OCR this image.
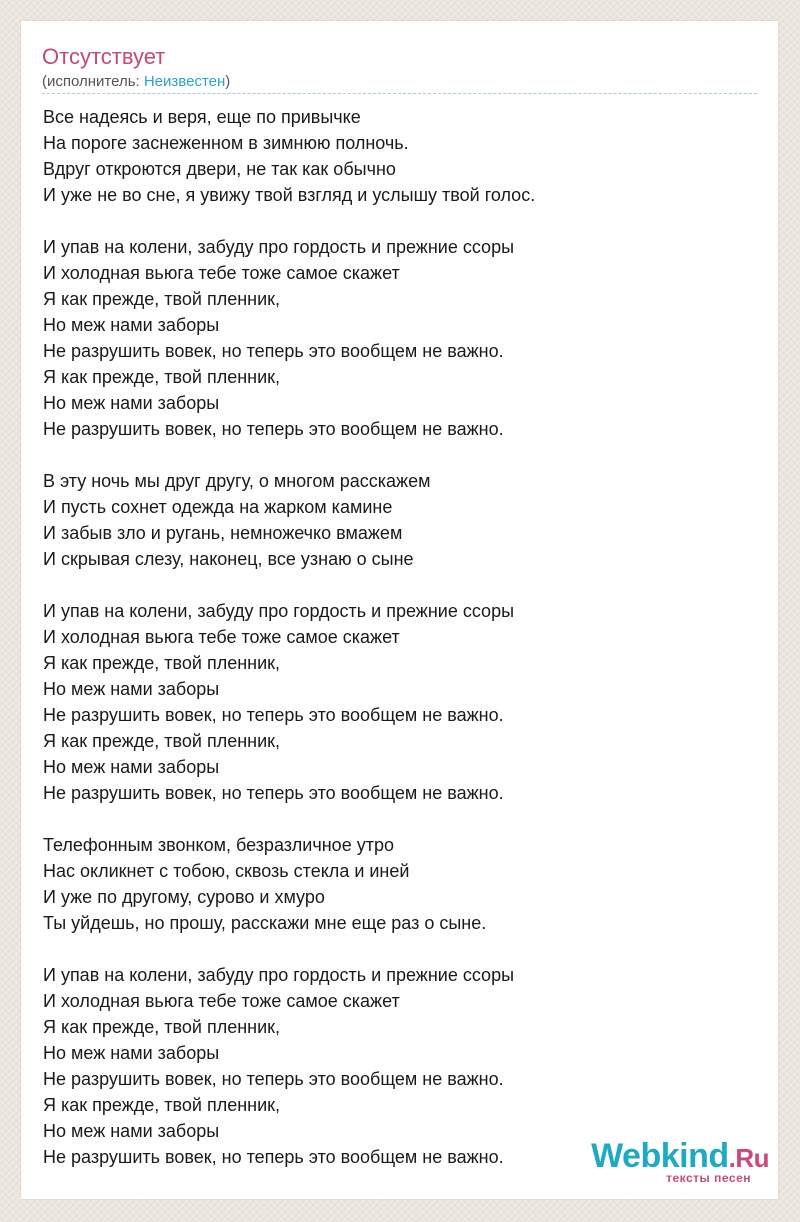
Отсутствует
(исполнитель: Неизвестен)
Все надеясь и веря, еще по привычке
На пороге заснеженном в зимнюю полночь.
Вдруг откроются двери, не так как обычно
И уже не во сне, я увижу твой взгляд и услышу твой голос.
И упав на колени, забуду про гордость и прежние ссоры
И холодная вьюга тебе тоже самое скажет
Я как прежде, твой пленник,
Но меж нами заборы
Не разрушить вовек, но теперь это вообщем не важно.
Я как прежде, твой пленник,
Но меж нами заборы
Не разрушить вовек, но теперь это вообщем не важно.
В эту ночь мы друг другу, о многом расскажем
И пусть сохнет одежда на жарком камине
И забыв зло и ругань, немножечко вмажем
И скрывая слезу, наконец, все узнаю о сыне
И упав на колени, забуду про гордость и прежние ссоры
И холодная вьюга тебе тоже самое скажет
Я как прежде, твой пленник,
Но меж нами заборы
Не разрушить вовек, но теперь это вообщем не важно.
Я как прежде, твой пленник,
Но меж нами заборы
Не разрушить вовек, но теперь это вообщем не важно.
Телефонным звонком, безразличное утро
Нас окликнет с тобою, сквозь стекла и иней
И уже по другому, сурово и хмуро
Ты уйдешь, но прошу, расскажи мне еще раз о сыне.
И упав на колени, забуду про гордость и прежние ссоры
И холодная вьюга тебе тоже самое скажет
Я как прежде, твой пленник,
Но меж нами заборы
Не разрушить вовек, но теперь это вообщем не важно.
Я как прежде, твой пленник,
Но меж нами заборы
Не разрушить вовек, но теперь это вообщем не важно.	Webkind.Ru
тексты песен
